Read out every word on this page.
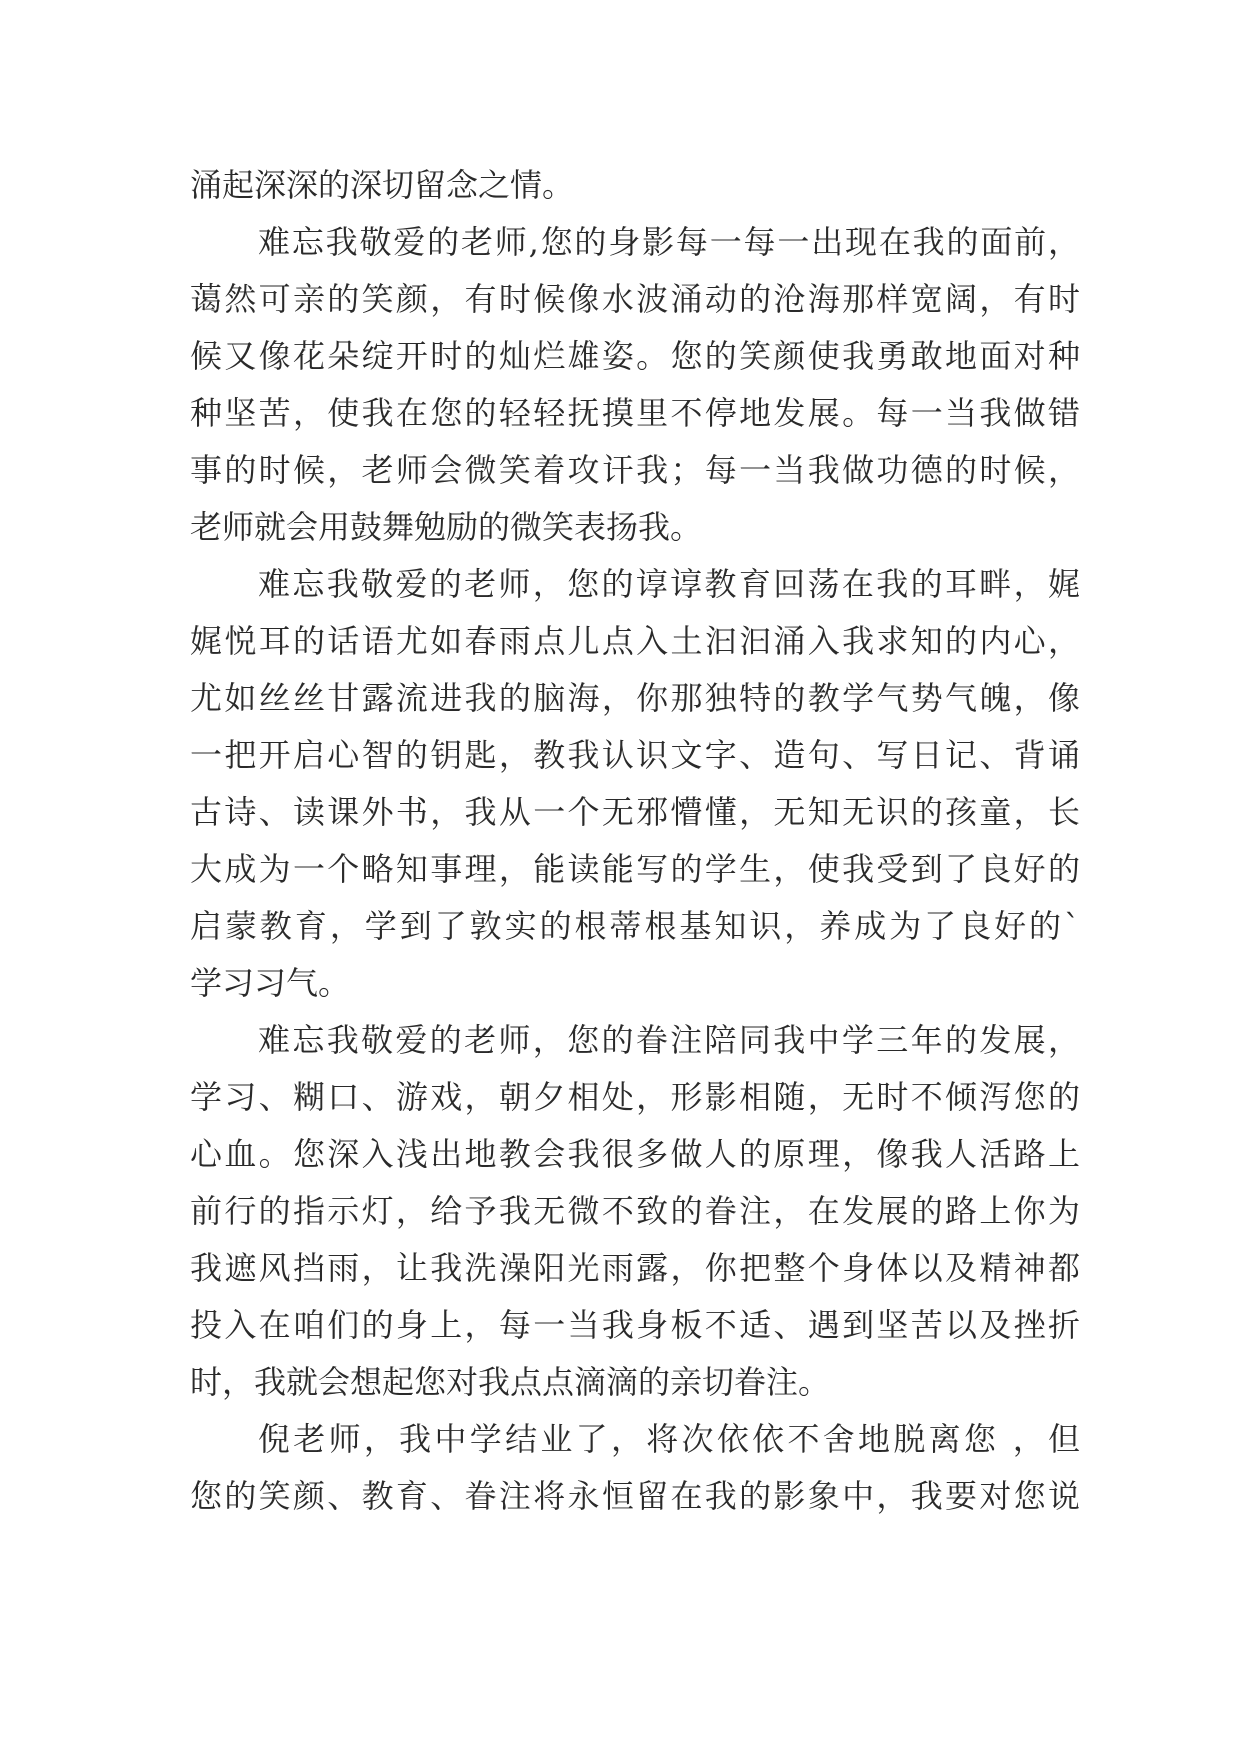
涌起深深的深切留念之情。
难忘我敬爱的老师,您的身影每一每一出现在我的面前，
蔼然可亲的笑颜，有时候像水波涌动的沧海那样宽阔，有时
候又像花朵绽开时的灿烂雄姿。您的笑颜使我勇敢地面对种
种坚苦，使我在您的轻轻抚摸里不停地发展。每一当我做错
事的时候，老师会微笑着攻讦我；每一当我做功德的时候，
老师就会用鼓舞勉励的微笑表扬我。
难忘我敬爱的老师，您的谆谆教育回荡在我的耳畔，娓
娓悦耳的话语尤如春雨点儿点入土汩汩涌入我求知的内心，
尤如丝丝甘露流进我的脑海，你那独特的教学气势气魄，像
一把开启心智的钥匙，教我认识文字、造句、写日记、背诵
古诗、读课外书，我从一个无邪懵懂，无知无识的孩童，长
大成为一个略知事理，能读能写的学生，使我受到了良好的
启蒙教育，学到了敦实的根蒂根基知识，养成为了良好的`
学习习气。
难忘我敬爱的老师，您的眷注陪同我中学三年的发展，
学习、糊口、游戏，朝夕相处，形影相随，无时不倾泻您的
心血。您深入浅出地教会我很多做人的原理，像我人活路上
前行的指示灯，给予我无微不致的眷注，在发展的路上你为
我遮风挡雨，让我洗澡阳光雨露，你把整个身体以及精神都
投入在咱们的身上，每一当我身板不适、遇到坚苦以及挫折
时，我就会想起您对我点点滴滴的亲切眷注。
倪老师，我中学结业了，将次依依不舍地脱离您 ，但
您的笑颜、教育、眷注将永恒留在我的影象中，我要对您说
